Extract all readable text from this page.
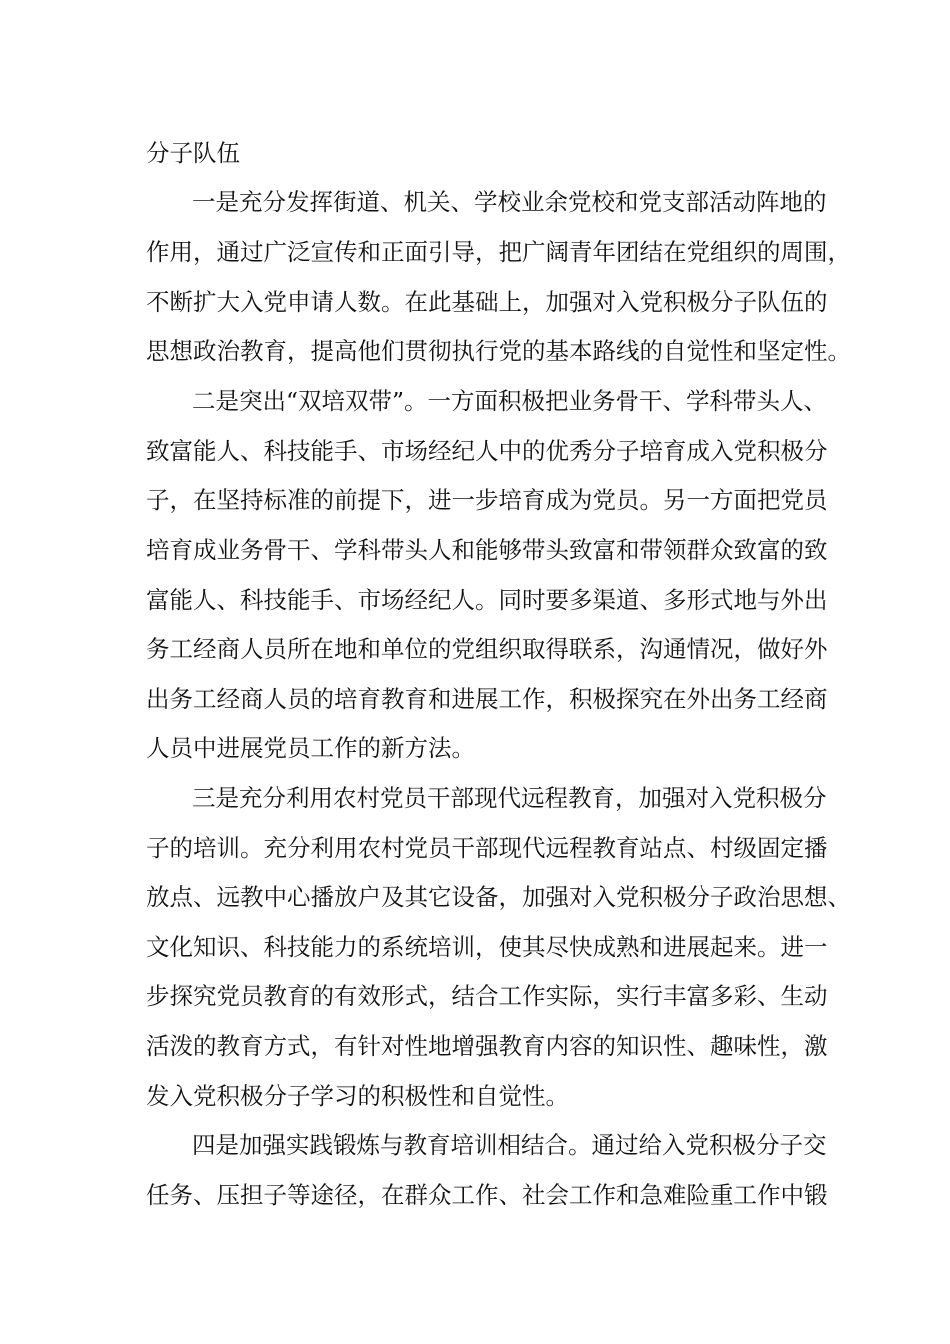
分子队伍
一是充分发挥街道、机关、学校业余党校和党支部活动阵地的
作用，通过广泛宣传和正面引导，把广阔青年团结在党组织的周围，
不断扩大入党申请人数。在此基础上，加强对入党积极分子队伍的
思想政治教育，提高他们贯彻执行党的基本路线的自觉性和坚定性。
二是突出“双培双带”。一方面积极把业务骨干、学科带头人、
致富能人、科技能手、市场经纪人中的优秀分子培育成入党积极分
子，在坚持标准的前提下，进一步培育成为党员。另一方面把党员
培育成业务骨干、学科带头人和能够带头致富和带领群众致富的致
富能人、科技能手、市场经纪人。同时要多渠道、多形式地与外出
务工经商人员所在地和单位的党组织取得联系，沟通情况，做好外
出务工经商人员的培育教育和进展工作，积极探究在外出务工经商
人员中进展党员工作的新方法。
三是充分利用农村党员干部现代远程教育，加强对入党积极分
子的培训。充分利用农村党员干部现代远程教育站点、村级固定播
放点、远教中心播放户及其它设备，加强对入党积极分子政治思想、
文化知识、科技能力的系统培训，使其尽快成熟和进展起来。进一
步探究党员教育的有效形式，结合工作实际，实行丰富多彩、生动
活泼的教育方式，有针对性地增强教育内容的知识性、趣味性，激
发入党积极分子学习的积极性和自觉性。
四是加强实践锻炼与教育培训相结合。通过给入党积极分子交
任务、压担子等途径，在群众工作、社会工作和急难险重工作中锻
